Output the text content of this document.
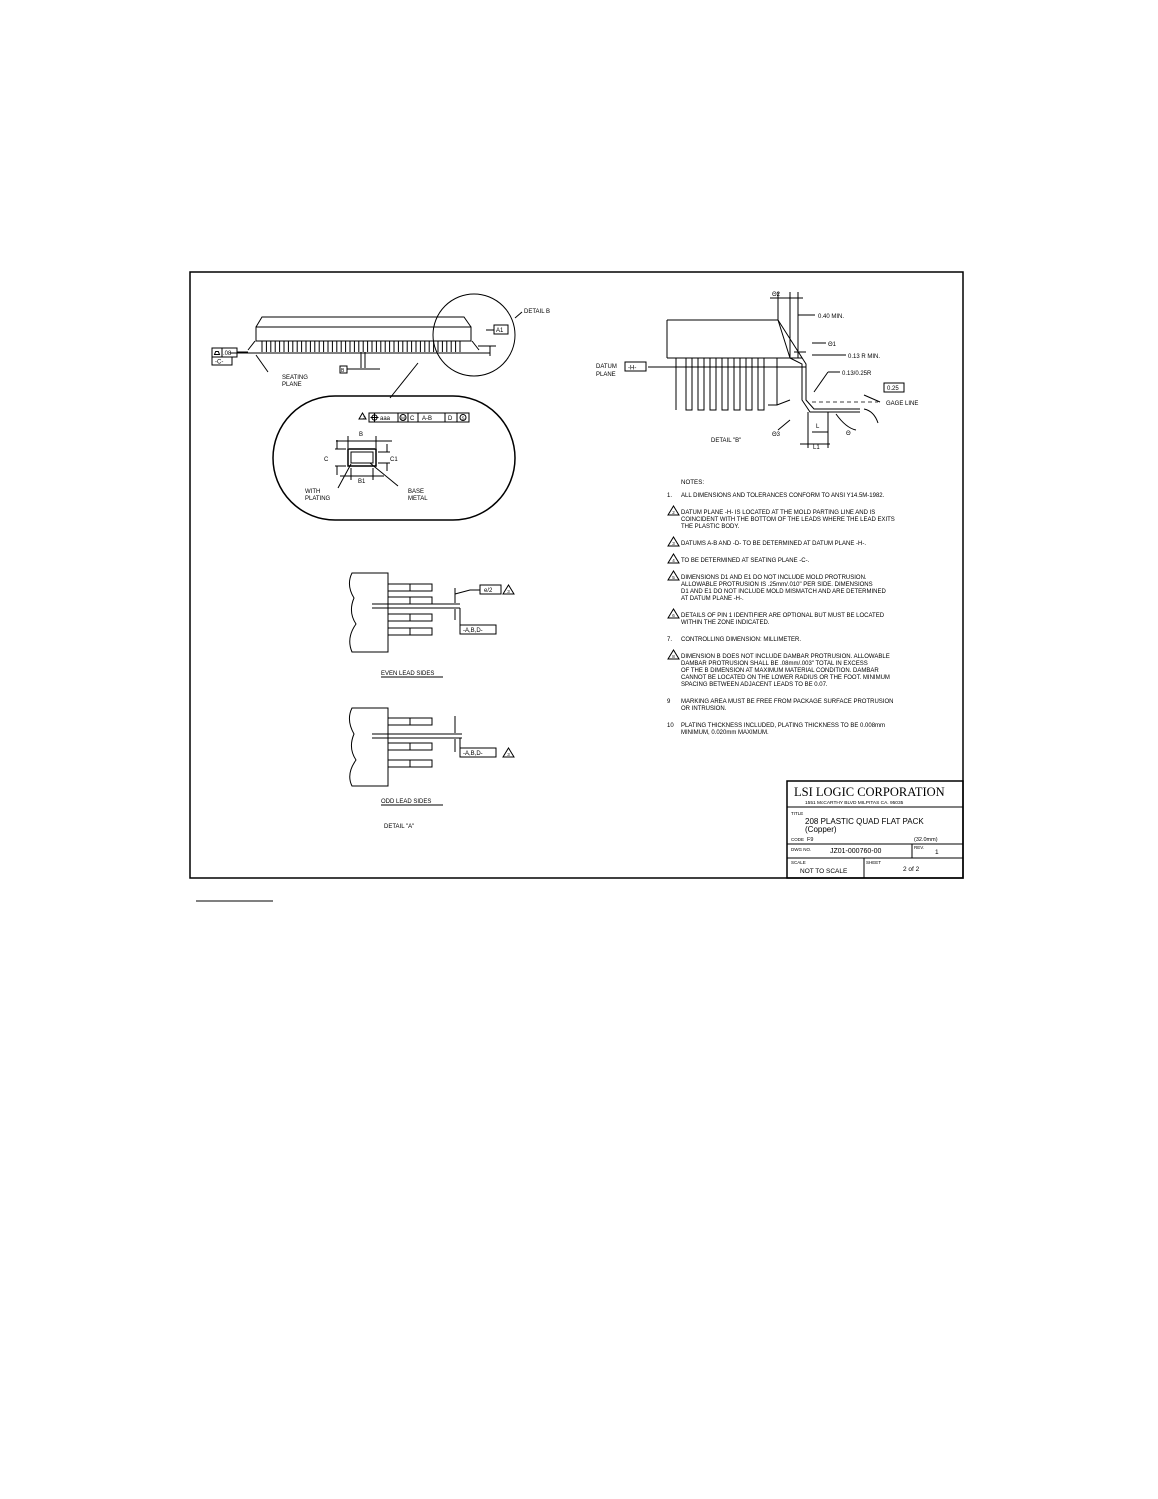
DETAIL B
A1
.08
-C-
SEATING
PLANE
B
3 aaa M C A-B	D S
B
C	C1
B1
WITH
PLATING
BASE
METAL
Θ2
0.40 MIN.
Θ1
0.13 R MIN.
0.13/0.25R
0.25
GAGE LINE
DATUM
PLANE
-H-
Θ3
L
L1
Θ
DETAIL "B"
NOTES:
1. ALL DIMENSIONS AND TOLERANCES CONFORM TO ANSI Y14.5M-1982.
2 DATUM PLANE -H- IS LOCATED AT THE MOLD PARTING LINE AND IS
COINCIDENT WITH THE BOTTOM OF THE LEADS WHERE THE LEAD EXITS
THE PLASTIC BODY.
3 DATUMS A-B AND -D- TO BE DETERMINED AT DATUM PLANE -H-.
4 TO BE DETERMINED AT SEATING PLANE -C-.
5 DIMENSIONS D1 AND E1 DO NOT INCLUDE MOLD PROTRUSION.
ALLOWABLE PROTRUSION IS .25mm/.010" PER SIDE. DIMENSIONS
D1 AND E1 DO NOT INCLUDE MOLD MISMATCH AND ARE DETERMINED
AT DATUM PLANE -H-.
6 DETAILS OF PIN 1 IDENTIFIER ARE OPTIONAL BUT MUST BE LOCATED
WITHIN THE ZONE INDICATED.
7. CONTROLLING DIMENSION: MILLIMETER.
8 DIMENSION B DOES NOT INCLUDE DAMBAR PROTRUSION. ALLOWABLE
DAMBAR PROTRUSION SHALL BE .08mm/.003" TOTAL IN EXCESS
OF THE B DIMENSION AT MAXIMUM MATERIAL CONDITION. DAMBAR
CANNOT BE LOCATED ON THE LOWER RADIUS OR THE FOOT. MINIMUM
SPACING BETWEEN ADJACENT LEADS TO BE 0.07.
9 MARKING AREA MUST BE FREE FROM PACKAGE SURFACE PROTRUSION
OR INTRUSION.
10 PLATING THICKNESS INCLUDED, PLATING THICKNESS TO BE 0.008mm
MINIMUM, 0.020mm MAXIMUM.
e/2	3
-A,B,D-
EVEN LEAD SIDES
-A,B,D-	3
ODD LEAD SIDES
DETAIL "A"
LSI LOGIC CORPORATION
1551 McCARTHY BLVD MILPITAS CA. 95035
TITLE
208 PLASTIC QUAD FLAT PACK
(Copper)
CODE F9	(32.0mm)
DWG NO.	JZ01-000760-00
REV.
1
SCALE
NOT TO SCALE
SHEET
2 of 2
